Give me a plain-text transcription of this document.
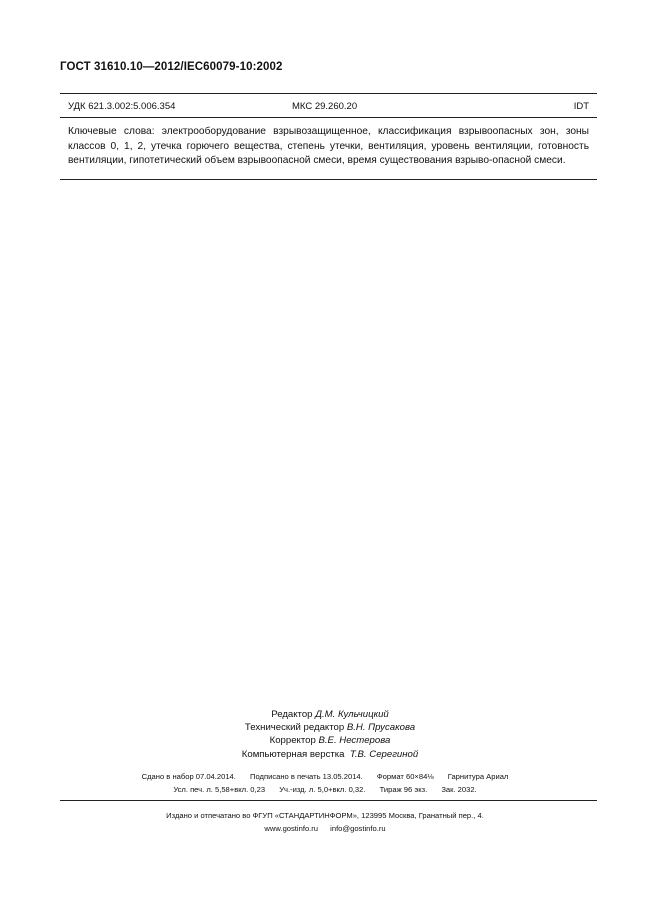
ГОСТ 31610.10—2012/IEC60079-10:2002
УДК 621.3.002:5.006.354	МКС 29.260.20	IDT
Ключевые слова: электрооборудование взрывозащищенное, классификация взрывоопасных зон, зоны классов 0, 1, 2, утечка горючего вещества, степень утечки, вентиляция, уровень вентиляции, готовность вентиляции, гипотетический объем взрывоопасной смеси, время существования взрыво-опасной смеси.
Редактор Д.М. Кульчицкий
Технический редактор В.Н. Прусакова
Корректор В.Е. Нестерова
Компьютерная верстка Т.В. Серегиной
Сдано в набор 07.04.2014. Подписано в печать 13.05.2014. Формат 60×84⅛ Гарнитура Ариал
Усл. печ. л. 5,58+вкл. 0,23 Уч.-изд. л. 5,0+вкл. 0,32. Тираж 96 экз. Зак. 2032.
Издано и отпечатано во ФГУП «СТАНДАРТИНФОРМ», 123995 Москва, Гранатный пер., 4.
www.gostinfo.ru info@gostinfo.ru
